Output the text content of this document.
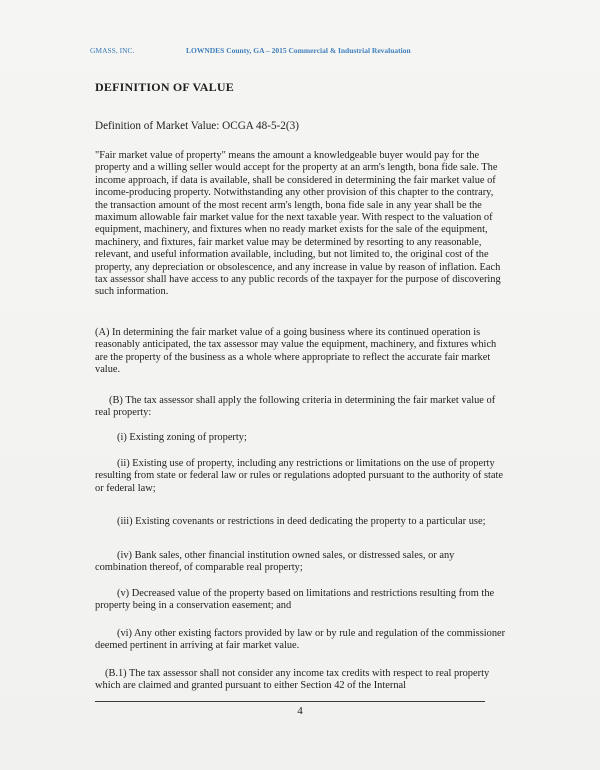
GMASS, INC.	LOWNDES County, GA – 2015 Commercial & Industrial Revaluation
DEFINITION OF VALUE
Definition of Market Value: OCGA 48-5-2(3)
"Fair market value of property" means the amount a knowledgeable buyer would pay for the property and a willing seller would accept for the property at an arm's length, bona fide sale. The income approach, if data is available, shall be considered in determining the fair market value of income-producing property. Notwithstanding any other provision of this chapter to the contrary, the transaction amount of the most recent arm's length, bona fide sale in any year shall be the maximum allowable fair market value for the next taxable year. With respect to the valuation of equipment, machinery, and fixtures when no ready market exists for the sale of the equipment, machinery, and fixtures, fair market value may be determined by resorting to any reasonable, relevant, and useful information available, including, but not limited to, the original cost of the property, any depreciation or obsolescence, and any increase in value by reason of inflation. Each tax assessor shall have access to any public records of the taxpayer for the purpose of discovering such information.
(A) In determining the fair market value of a going business where its continued operation is reasonably anticipated, the tax assessor may value the equipment, machinery, and fixtures which are the property of the business as a whole where appropriate to reflect the accurate fair market value.
(B) The tax assessor shall apply the following criteria in determining the fair market value of real property:
(i) Existing zoning of property;
(ii) Existing use of property, including any restrictions or limitations on the use of property resulting from state or federal law or rules or regulations adopted pursuant to the authority of state or federal law;
(iii) Existing covenants or restrictions in deed dedicating the property to a particular use;
(iv) Bank sales, other financial institution owned sales, or distressed sales, or any combination thereof, of comparable real property;
(v) Decreased value of the property based on limitations and restrictions resulting from the property being in a conservation easement; and
(vi) Any other existing factors provided by law or by rule and regulation of the commissioner deemed pertinent in arriving at fair market value.
(B.1) The tax assessor shall not consider any income tax credits with respect to real property which are claimed and granted pursuant to either Section 42 of the Internal
4
